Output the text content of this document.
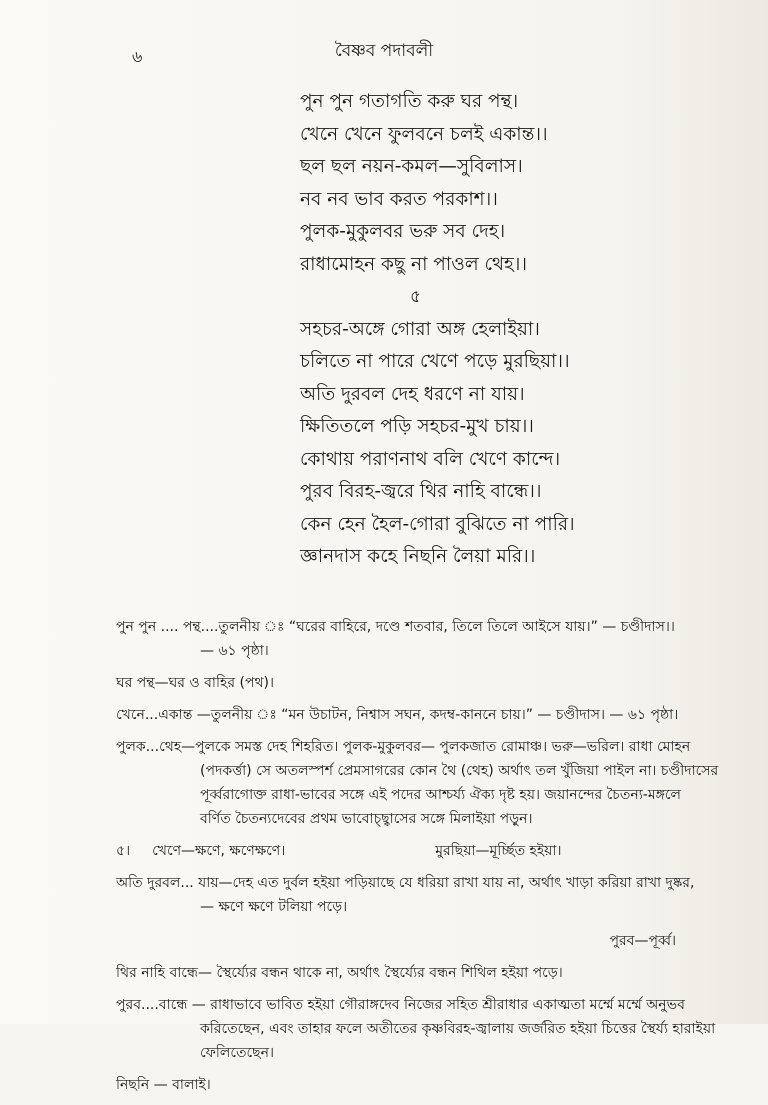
৬	বৈষ্ণব পদাবলী
পুন পুন গতাগতি করু ঘর পন্থ।
খেনে খেনে ফুলবনে চলই একান্ত।।
ছল ছল নয়ন-কমল—সুবিলাস।
নব নব ভাব করত পরকাশ।।
পুলক-মুকুলবর ভরু সব দেহ।
রাধামোহন কছু না পাওল থেহ।।
৫
সহচর-অঙ্গে গোরা অঙ্গ হেলাইয়া।
চলিতে না পারে খেণে পড়ে মুরছিয়া।।
অতি দুরবল দেহ ধরণে না যায়।
ক্ষিতিতলে পড়ি সহচর-মুখ চায়।।
কোথায় পরাণনাথ বলি খেণে কান্দে।
পুরব বিরহ-জ্বরে থির নাহি বান্ধে।।
কেন হেন হৈল-গোরা বুঝিতে না পারি।
জ্ঞানদাস কহে নিছনি লৈয়া মরি।।
পুন পুন .... পন্থ....তুলনীয় ঃ “ঘরের বাহিরে, দণ্ডে শতবার, তিলে তিলে আইসে যায়।” — চণ্ডীদাস।।
— ৬১ পৃষ্ঠা।
ঘর পন্থ—ঘর ও বাহির (পথ)।
খেনে...একান্ত —তুলনীয় ঃ “মন উচাটন, নিশ্বাস সঘন, কদম্ব-কাননে চায়।” — চণ্ডীদাস। — ৬১ পৃষ্ঠা।
পুলক...থেহ—পুলকে সমস্ত দেহ শিহরিত। পুলক-মুকুলবর— পুলকজাত রোমাঞ্চ। ভরু—ভরিল। রাধা মোহন
(পদকর্ত্তা) সে অতলস্পর্শ প্রেমসাগরের কোন থৈ (থেহ) অর্থাৎ তল খুঁজিয়া পাইল না। চণ্ডীদাসের
পূর্ব্বরাগোক্ত রাধা-ভাবের সঙ্গে এই পদের আশ্চর্য্য ঐক্য দৃষ্ট হয়। জয়ানন্দের চৈতন্য-মঙ্গলে
বর্ণিত চৈতন্যদেবের প্রথম ভাবোচ্ছ্বাসের সঙ্গে মিলাইয়া পড়ুন।
৫। খেণে—ক্ষণে, ক্ষণেক্ষণে।	মুরছিয়া—মূর্চ্ছিত হইয়া।
অতি দুরবল... যায়—দেহ এত দুর্বল হইয়া পড়িয়াছে যে ধরিয়া রাখা যায় না, অর্থাৎ খাড়া করিয়া রাখা দুষ্কর,
— ক্ষণে ক্ষণে টলিয়া পড়ে।
পুরব—পূর্ব্ব।
থির নাহি বান্ধে— স্থৈর্য্যের বন্ধন থাকে না, অর্থাৎ স্থৈর্য্যের বন্ধন শিথিল হইয়া পড়ে।
পুরব....বান্ধে — রাধাভাবে ভাবিত হইয়া গৌরাঙ্গদেব নিজের সহিত শ্রীরাধার একাত্মতা মর্ম্মে মর্ম্মে অনুভব
করিতেছেন, এবং তাহার ফলে অতীতের কৃষ্ণবিরহ-জ্বালায় জর্জরিত হইয়া চিত্তের স্থৈর্য্য হারাইয়া
ফেলিতেছেন।
নিছনি — বালাই।
